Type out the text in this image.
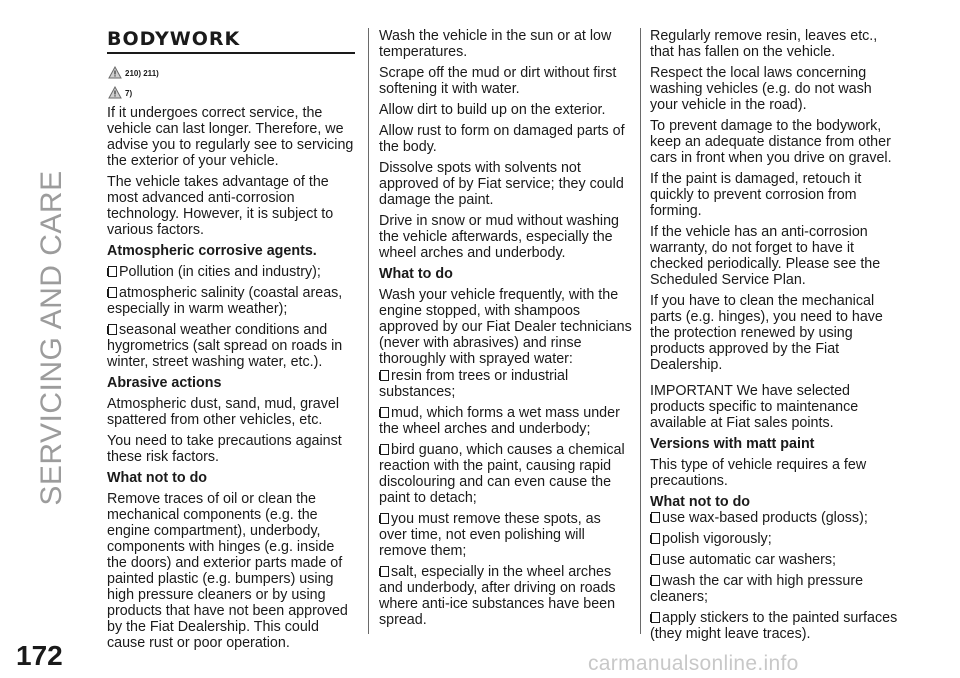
SERVICING AND CARE
172	carmanualsonline.info
BODYWORK
210) 211)
7)

If it undergoes correct service, the vehicle can last longer. Therefore, we advise you to regularly see to servicing the exterior of your vehicle.

The vehicle takes advantage of the most advanced anti-corrosion technology. However, it is subject to various factors.

Atmospheric corrosive agents.

Pollution (in cities and industry);

atmospheric salinity (coastal areas, especially in warm weather);

seasonal weather conditions and hygrometrics (salt spread on roads in winter, street washing water, etc.).

Abrasive actions

Atmospheric dust, sand, mud, gravel spattered from other vehicles, etc.

You need to take precautions against these risk factors.

What not to do

Remove traces of oil or clean the mechanical components (e.g. the engine compartment), underbody, components with hinges (e.g. inside the doors) and exterior parts made of painted plastic (e.g. bumpers) using high pressure cleaners or by using products that have not been approved by the Fiat Dealership. This could cause rust or poor operation.

Wash the vehicle in the sun or at low temperatures.

Scrape off the mud or dirt without first softening it with water.

Allow dirt to build up on the exterior.

Allow rust to form on damaged parts of the body.

Dissolve spots with solvents not approved of by Fiat service; they could damage the paint.

Drive in snow or mud without washing the vehicle afterwards, especially the wheel arches and underbody.

What to do

Wash your vehicle frequently, with the engine stopped, with shampoos approved by our Fiat Dealer technicians (never with abrasives) and rinse thoroughly with sprayed water:

resin from trees or industrial substances;

mud, which forms a wet mass under the wheel arches and underbody;

bird guano, which causes a chemical reaction with the paint, causing rapid discolouring and can even cause the paint to detach;

you must remove these spots, as over time, not even polishing will remove them;

salt, especially in the wheel arches and underbody, after driving on roads where anti-ice substances have been spread.

Regularly remove resin, leaves etc., that has fallen on the vehicle.

Respect the local laws concerning washing vehicles (e.g. do not wash your vehicle in the road).

To prevent damage to the bodywork, keep an adequate distance from other cars in front when you drive on gravel.

If the paint is damaged, retouch it quickly to prevent corrosion from forming.

If the vehicle has an anti-corrosion warranty, do not forget to have it checked periodically. Please see the Scheduled Service Plan.

If you have to clean the mechanical parts (e.g. hinges), you need to have the protection renewed by using products approved by the Fiat Dealership.

IMPORTANT We have selected products specific to maintenance available at Fiat sales points.

Versions with matt paint

This type of vehicle requires a few precautions.

What not to do

use wax-based products (gloss);

polish vigorously;

use automatic car washers;

wash the car with high pressure cleaners;

apply stickers to the painted surfaces (they might leave traces).
